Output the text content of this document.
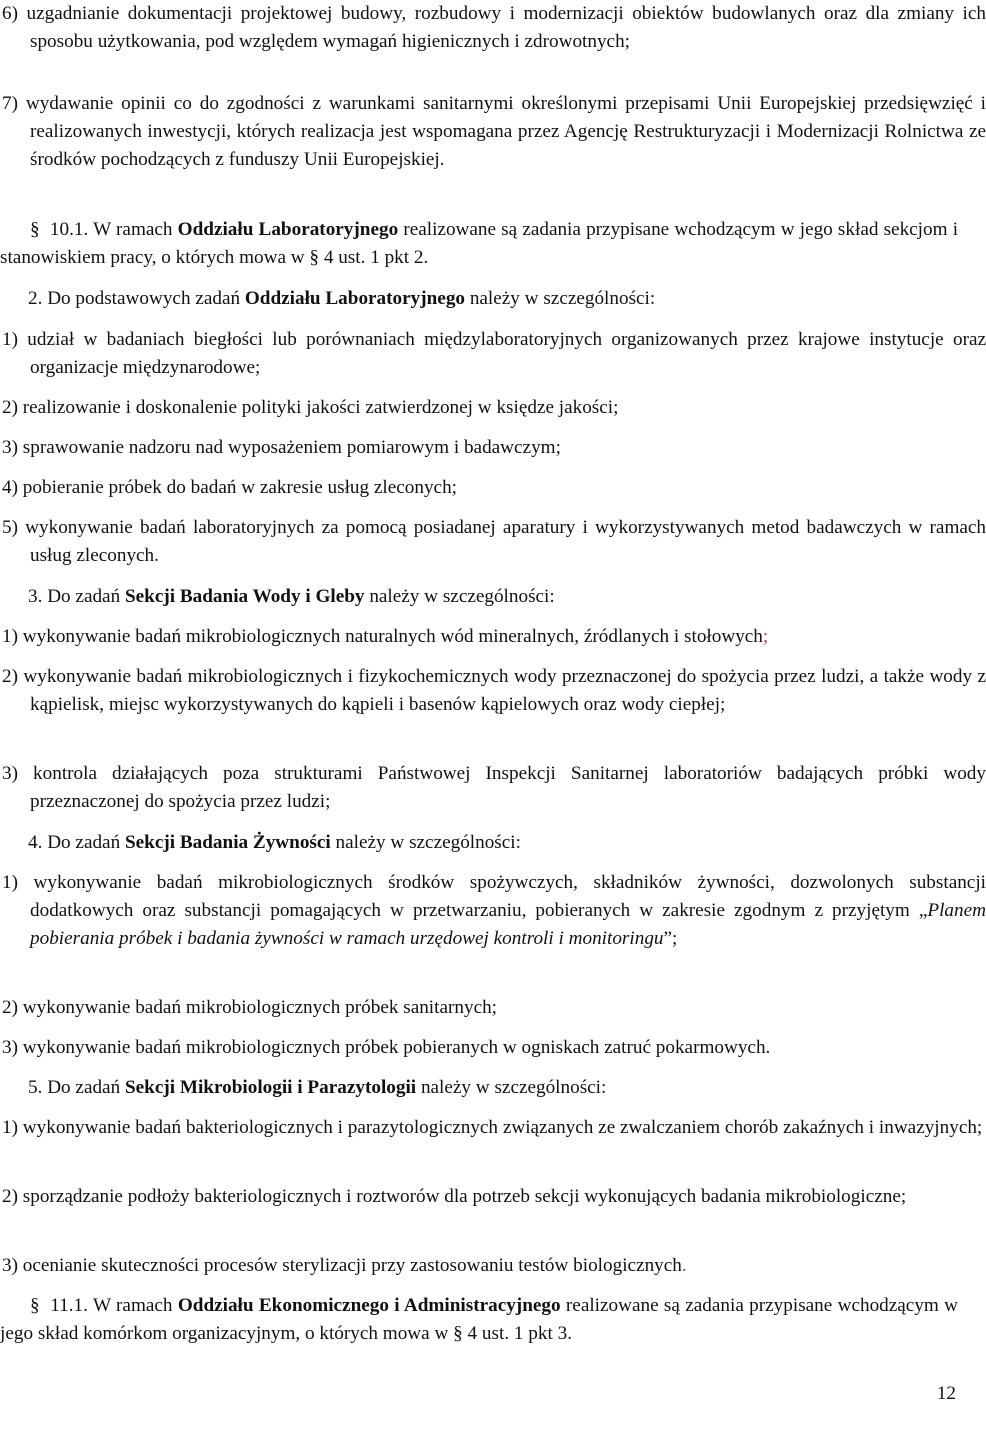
6) uzgadnianie dokumentacji projektowej budowy, rozbudowy i modernizacji obiektów budowlanych oraz dla zmiany ich sposobu użytkowania, pod względem wymagań higienicznych i zdrowotnych;
7) wydawanie opinii co do zgodności z warunkami sanitarnymi określonymi przepisami Unii Europejskiej przedsięwzięć i realizowanych inwestycji, których realizacja jest wspomagana przez Agencję Restrukturyzacji i Modernizacji Rolnictwa ze środków pochodzących z funduszy Unii Europejskiej.
§ 10.1. W ramach Oddziału Laboratoryjnego realizowane są zadania przypisane wchodzącym w jego skład sekcjom i stanowiskiem pracy, o których mowa w § 4 ust. 1 pkt 2.
2. Do podstawowych zadań Oddziału Laboratoryjnego należy w szczególności:
1) udział w badaniach biegłości lub porównaniach międzylaboratoryjnych organizowanych przez krajowe instytucje oraz organizacje międzynarodowe;
2) realizowanie i doskonalenie polityki jakości zatwierdzonej w księdze jakości;
3) sprawowanie nadzoru nad wyposażeniem pomiarowym i badawczym;
4) pobieranie próbek do badań w zakresie usług zleconych;
5) wykonywanie badań laboratoryjnych za pomocą posiadanej aparatury i wykorzystywanych metod badawczych w ramach usług zleconych.
3. Do zadań Sekcji Badania Wody i Gleby należy w szczególności:
1) wykonywanie badań mikrobiologicznych naturalnych wód mineralnych, źródlanych i stołowych;
2) wykonywanie badań mikrobiologicznych i fizykochemicznych wody przeznaczonej do spożycia przez ludzi, a także wody z kąpielisk, miejsc wykorzystywanych do kąpieli i basenów kąpielowych oraz wody ciepłej;
3) kontrola działających poza strukturami Państwowej Inspekcji Sanitarnej laboratoriów badających próbki wody przeznaczonej do spożycia przez ludzi;
4. Do zadań Sekcji Badania Żywności należy w szczególności:
1) wykonywanie badań mikrobiologicznych środków spożywczych, składników żywności, dozwolonych substancji dodatkowych oraz substancji pomagających w przetwarzaniu, pobieranych w zakresie zgodnym z przyjętym „Planem pobierania próbek i badania żywności w ramach urzędowej kontroli i monitoringu”;
2) wykonywanie badań mikrobiologicznych próbek sanitarnych;
3) wykonywanie badań mikrobiologicznych próbek pobieranych w ogniskach zatruć pokarmowych.
5. Do zadań Sekcji Mikrobiologii i Parazytologii należy w szczególności:
1) wykonywanie badań bakteriologicznych i parazytologicznych związanych ze zwalczaniem chorób zakaźnych i inwazyjnych;
2) sporządzanie podłoży bakteriologicznych i roztworów dla potrzeb sekcji wykonujących badania mikrobiologiczne;
3) ocenianie skuteczności procesów sterylizacji przy zastosowaniu testów biologicznych.
§ 11.1. W ramach Oddziału Ekonomicznego i Administracyjnego realizowane są zadania przypisane wchodzącym w jego skład komórkom organizacyjnym, o których mowa w § 4 ust. 1 pkt 3.
12
